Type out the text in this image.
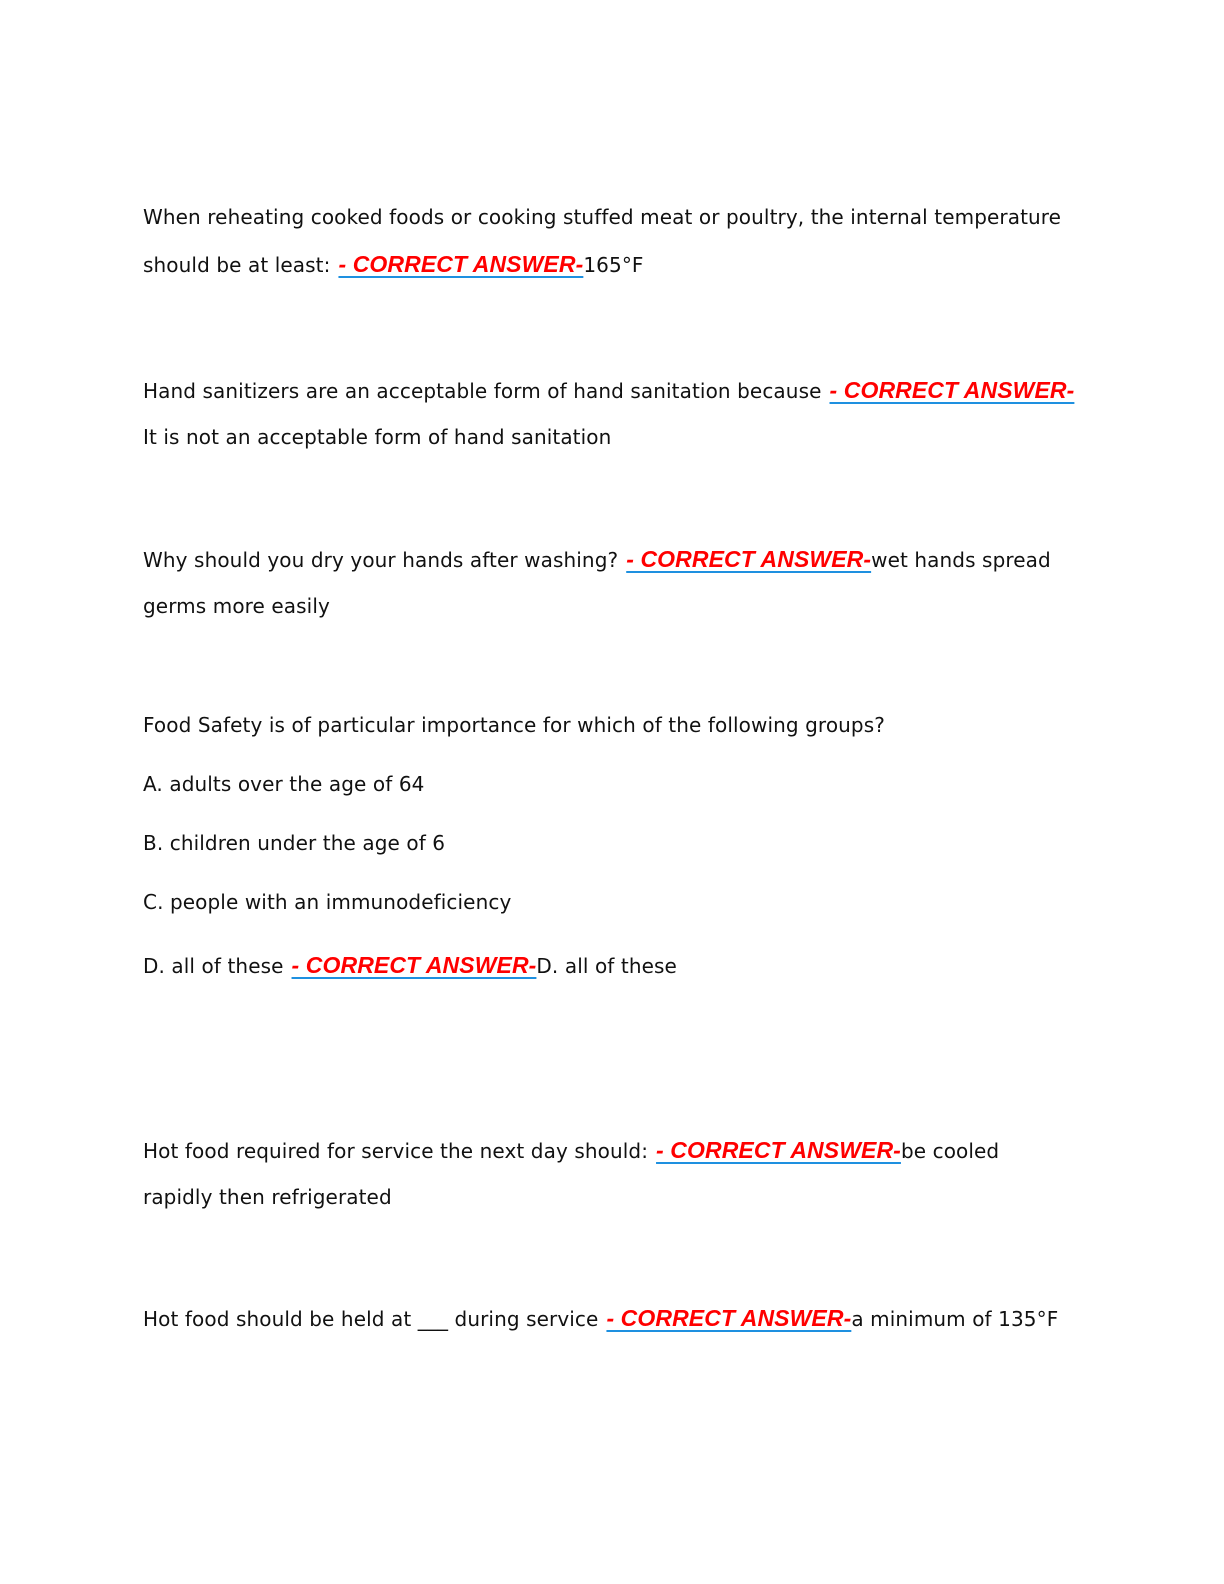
When reheating cooked foods or cooking stuffed meat or poultry, the internal temperature
should be at least: - CORRECT ANSWER-165°F
Hand sanitizers are an acceptable form of hand sanitation because - CORRECT ANSWER-
It is not an acceptable form of hand sanitation
Why should you dry your hands after washing? - CORRECT ANSWER-wet hands spread
germs more easily
Food Safety is of particular importance for which of the following groups?
A. adults over the age of 64
B. children under the age of 6
C. people with an immunodeficiency
D. all of these - CORRECT ANSWER-D. all of these
Hot food required for service the next day should: - CORRECT ANSWER-be cooled
rapidly then refrigerated
Hot food should be held at ___ during service - CORRECT ANSWER-a minimum of 135°F
